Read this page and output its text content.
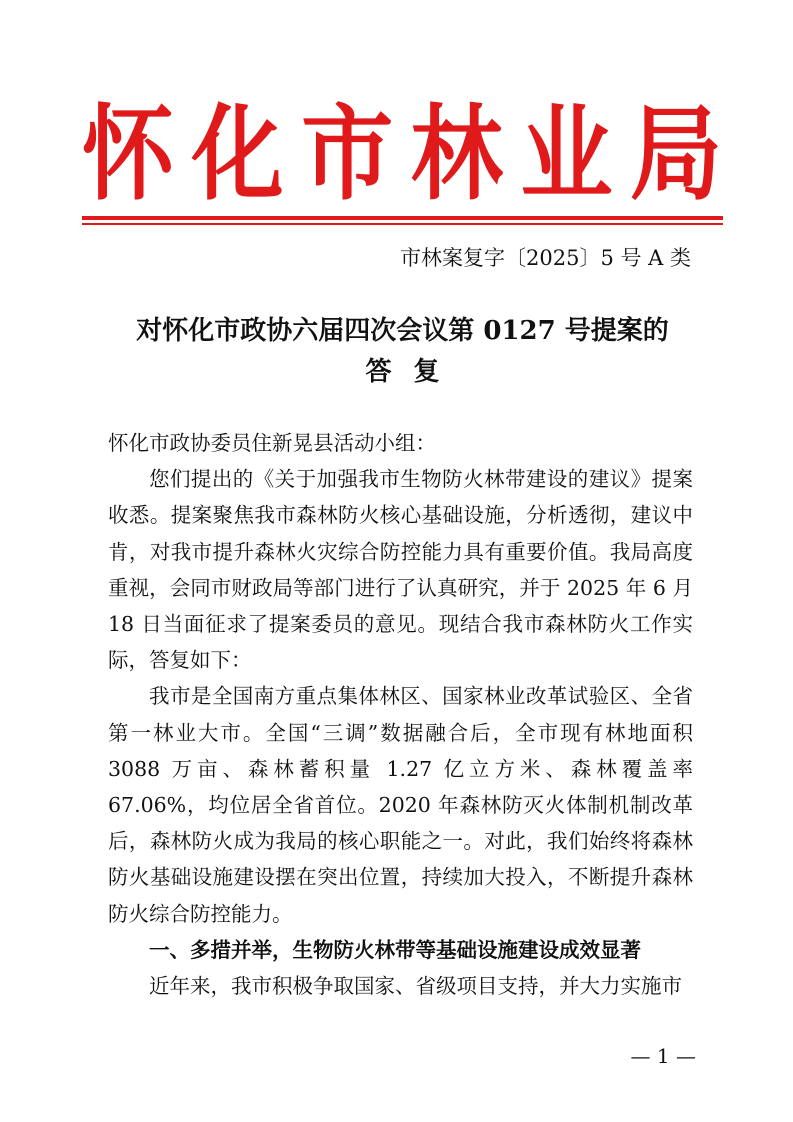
怀 化 市 林 业 局
市林案复字〔2025〕5 号 A 类
对怀化市政协六届四次会议第 0127 号提案的
答复

怀化市政协委员住新晃县活动小组：

您们提出的《关于加强我市生物防火林带建设的建议》提案收悉。提案聚焦我市森林防火核心基础设施，分析透彻，建议中肯，对我市提升森林火灾综合防控能力具有重要价值。我局高度重视，会同市财政局等部门进行了认真研究，并于 2025 年 6 月 18 日当面征求了提案委员的意见。现结合我市森林防火工作实际，答复如下：

我市是全国南方重点集体林区、国家林业改革试验区、全省第一林业大市。全国“三调”数据融合后，全市现有林地面积 3088 万亩、森林蓄积量 1.27 亿立方米、森林覆盖率 67.06%，均位居全省首位。2020 年森林防灭火体制机制改革后，森林防火成为我局的核心职能之一。对此，我们始终将森林防火基础设施建设摆在突出位置，持续加大投入，不断提升森林防火综合防控能力。

一、多措并举，生物防火林带等基础设施建设成效显著

近年来，我市积极争取国家、省级项目支持，并大力实施市

— 1 —
